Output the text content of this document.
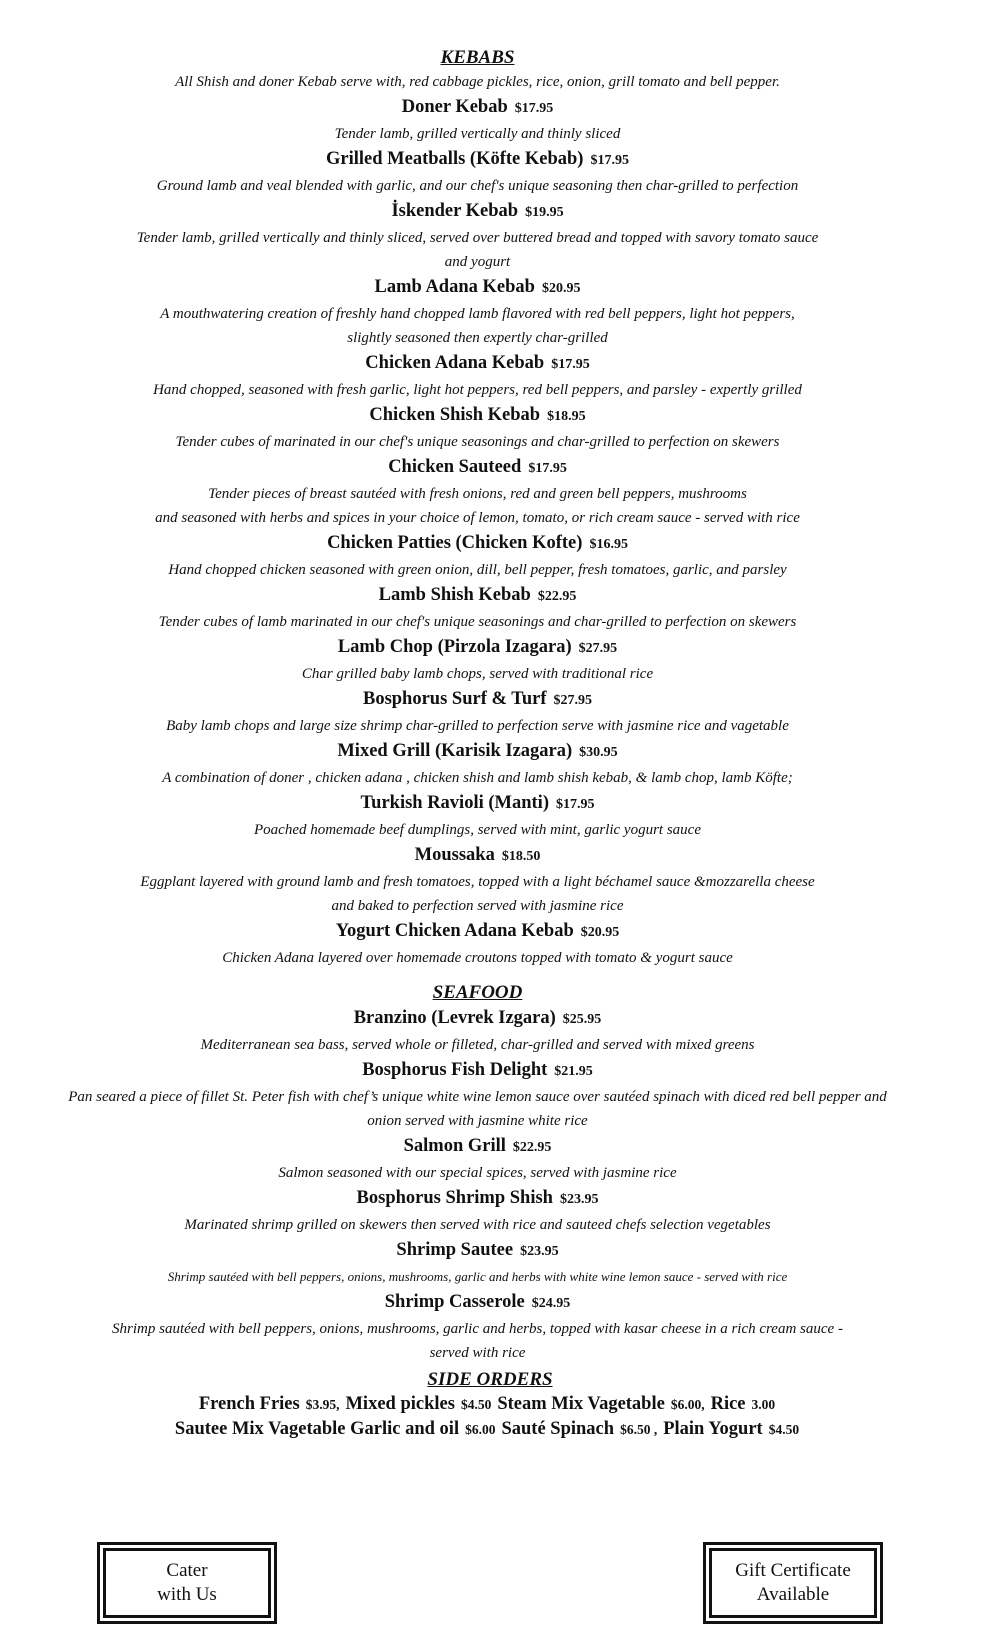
KEBABS

All Shish and doner Kebab serve with, red cabbage pickles, rice, onion, grill tomato and bell pepper.

Doner Kebab $17.95

Tender lamb, grilled vertically and thinly sliced

Grilled Meatballs (Köfte Kebab) $17.95

Ground lamb and veal blended with garlic, and our chef's unique seasoning then char-grilled to perfection

İskender Kebab $19.95

Tender lamb, grilled vertically and thinly sliced, served over buttered bread and topped with savory tomato sauce

and yogurt

Lamb Adana Kebab $20.95

A mouthwatering creation of freshly hand chopped lamb flavored with red bell peppers, light hot peppers,

slightly seasoned then expertly char-grilled

Chicken Adana Kebab $17.95

Hand chopped, seasoned with fresh garlic, light hot peppers, red bell peppers, and parsley - expertly grilled

Chicken Shish Kebab $18.95

Tender cubes of marinated in our chef's unique seasonings and char-grilled to perfection on skewers

Chicken Sauteed $17.95

Tender pieces of breast sautéed with fresh onions, red and green bell peppers, mushrooms

and seasoned with herbs and spices in your choice of lemon, tomato, or rich cream sauce - served with rice

Chicken Patties (Chicken Kofte) $16.95

Hand chopped chicken seasoned with green onion, dill, bell pepper, fresh tomatoes, garlic, and parsley

Lamb Shish Kebab $22.95

Tender cubes of lamb marinated in our chef's unique seasonings and char-grilled to perfection on skewers

Lamb Chop (Pirzola Izagara) $27.95

Char grilled baby lamb chops, served with traditional rice

Bosphorus Surf & Turf $27.95

Baby lamb chops and large size shrimp char-grilled to perfection serve with jasmine rice and vagetable

Mixed Grill (Karisik Izagara) $30.95

A combination of doner , chicken adana , chicken shish and lamb shish kebab, & lamb chop, lamb Köfte;

Turkish Ravioli (Manti) $17.95

Poached homemade beef dumplings, served with mint, garlic yogurt sauce

Moussaka $18.50

Eggplant layered with ground lamb and fresh tomatoes, topped with a light béchamel sauce &mozzarella cheese

and baked to perfection served with jasmine rice

Yogurt Chicken Adana Kebab $20.95

Chicken Adana layered over homemade croutons topped with tomato & yogurt sauce

SEAFOOD

Branzino (Levrek Izgara) $25.95

Mediterranean sea bass, served whole or filleted, char-grilled and served with mixed greens

Bosphorus Fish Delight $21.95

Pan seared a piece of fillet St. Peter fish with chef’s unique white wine lemon sauce over sautéed spinach with diced red bell pepper and

onion served with jasmine white rice

Salmon Grill $22.95

Salmon seasoned with our special spices, served with jasmine rice

Bosphorus Shrimp Shish $23.95

Marinated shrimp grilled on skewers then served with rice and sauteed chefs selection vegetables

Shrimp Sautee $23.95

Shrimp sautéed with bell peppers, onions, mushrooms, garlic and herbs with white wine lemon sauce - served with rice

Shrimp Casserole $24.95

Shrimp sautéed with bell peppers, onions, mushrooms, garlic and herbs, topped with kasar cheese in a rich cream sauce -

served with rice

SIDE ORDERS

French Fries $3.95, Mixed pickles $4.50 Steam Mix Vagetable $6.00, Rice 3.00

Sautee Mix Vagetable Garlic and oil $6.00 Sauté Spinach $6.50 , Plain Yogurt $4.50

Cater
with Us
Gift Certificate
Available
